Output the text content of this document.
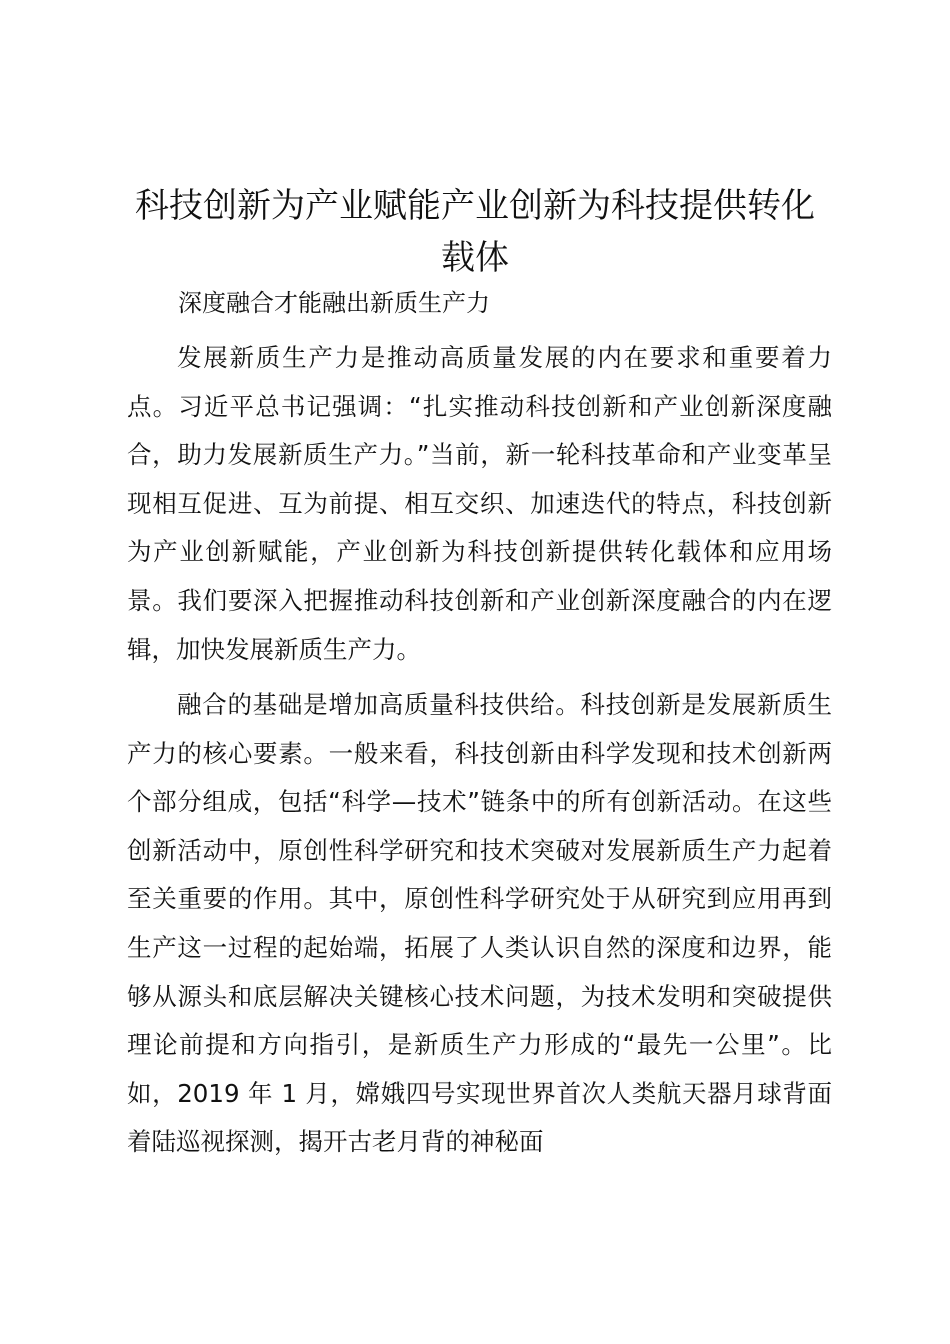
科技创新为产业赋能产业创新为科技提供转化载体

深度融合才能融出新质生产力

发展新质生产力是推动高质量发展的内在要求和重要着力点。习近平总书记强调：“扎实推动科技创新和产业创新深度融合，助力发展新质生产力。”当前，新一轮科技革命和产业变革呈现相互促进、互为前提、相互交织、加速迭代的特点，科技创新为产业创新赋能，产业创新为科技创新提供转化载体和应用场景。我们要深入把握推动科技创新和产业创新深度融合的内在逻辑，加快发展新质生产力。

融合的基础是增加高质量科技供给。科技创新是发展新质生产力的核心要素。一般来看，科技创新由科学发现和技术创新两个部分组成，包括“科学—技术”链条中的所有创新活动。在这些创新活动中，原创性科学研究和技术突破对发展新质生产力起着至关重要的作用。其中，原创性科学研究处于从研究到应用再到生产这一过程的起始端，拓展了人类认识自然的深度和边界，能够从源头和底层解决关键核心技术问题，为技术发明和突破提供理论前提和方向指引，是新质生产力形成的“最先一公里”。比如，2019 年 1 月，嫦娥四号实现世界首次人类航天器月球背面着陆巡视探测，揭开古老月背的神秘面
